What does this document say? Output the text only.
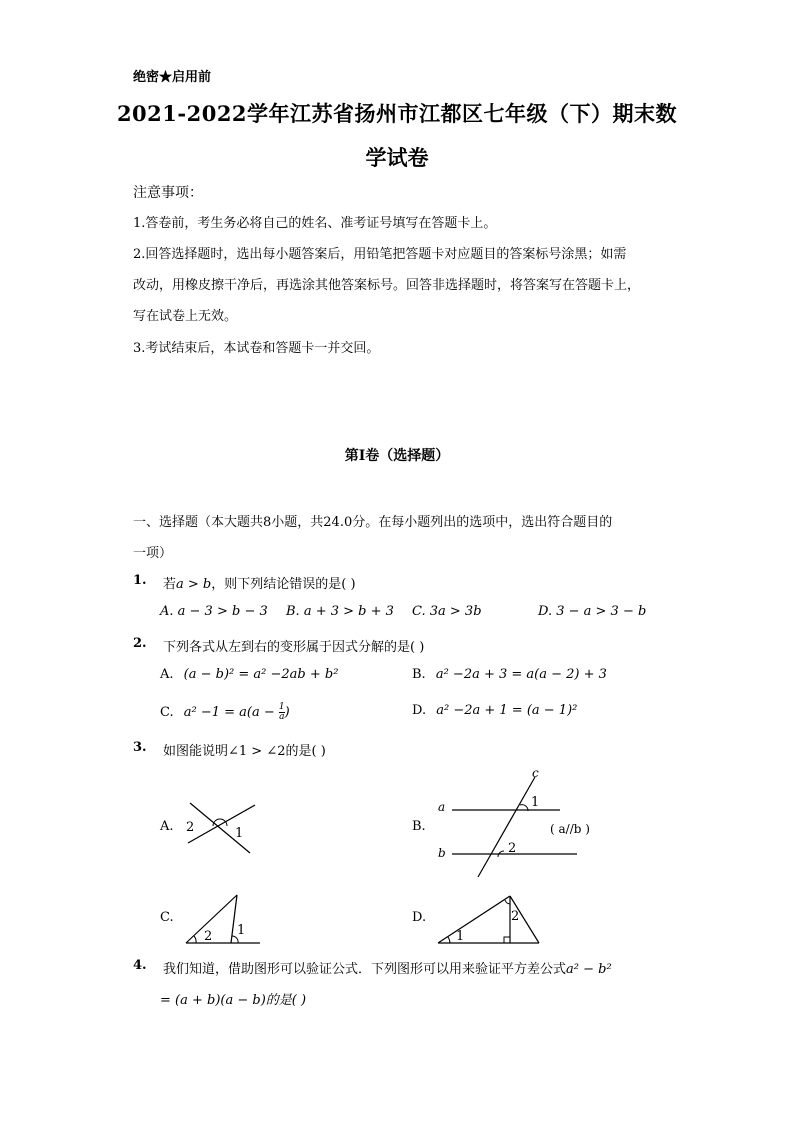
绝密★启用前
2021-2022学年江苏省扬州市江都区七年级（下）期末数
学试卷
注意事项：
1.答卷前，考生务必将自己的姓名、准考证号填写在答题卡上。
2.回答选择题时，选出每小题答案后，用铅笔把答题卡对应题目的答案标号涂黑；如需
改动，用橡皮擦干净后，再选涂其他答案标号。回答非选择题时，将答案写在答题卡上，
写在试卷上无效。
3.考试结束后，本试卷和答题卡一并交回。
第I卷（选择题）
一、选择题（本大题共8小题，共24.0分。在每小题列出的选项中，选出符合题目的
一项）
1. 若a > b，则下列结论错误的是( )
A. a − 3 > b − 3 B. a + 3 > b + 3 C. 3a > 3b	D. 3 − a > 3 − b
2. 下列各式从左到右的变形属于因式分解的是( )
A. (a − b)² = a² −2ab + b²	B. a² −2a + 3 = a(a − 2) + 3
C. $a^2 -1 = a(a - \frac{1}{a}$ )	D. a² −2a + 1 = (a − 1)²
3. 如图能说明∠1 > ∠2的是( )
A. 2	1	B.
a
b
c
1
2
( a//b )
C.
2 1
D.
1
2
4. 我们知道，借助图形可以验证公式．下列图形可以用来验证平方差公式a² − b²
= (a + b)(a − b)的是( )
